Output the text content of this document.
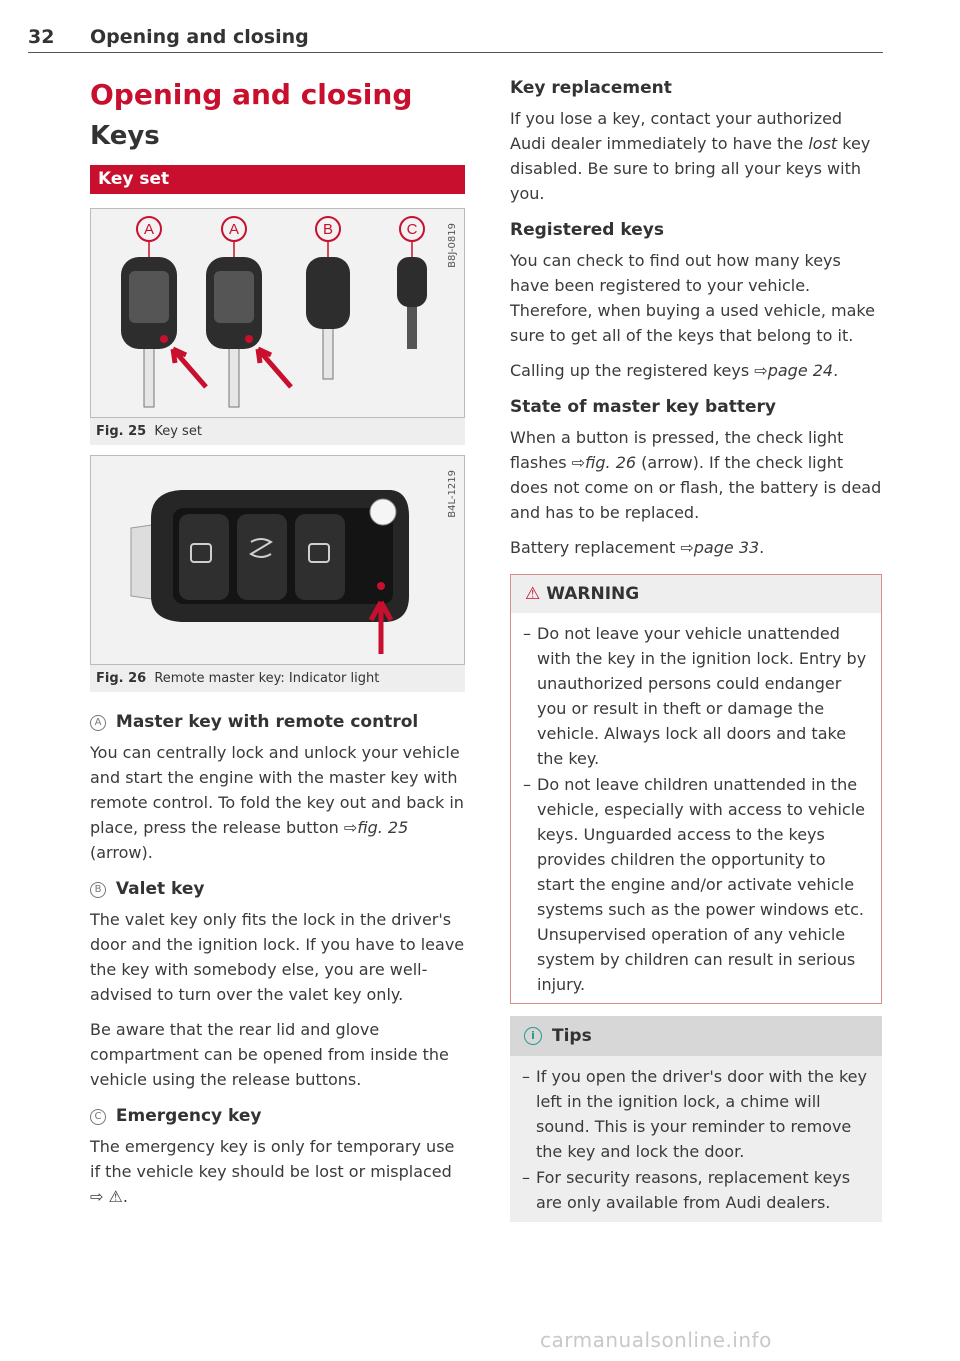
32 Opening and closing
Opening and closing
Keys
Key set
B8J-0819
A	A	B	C
Fig. 25 Key set
B4L-1219
Fig. 26 Remote master key: Indicator light
A Master key with remote control

You can centrally lock and unlock your vehicle and start the engine with the master key with remote control. To fold the key out and back in place, press the release button ⇨fig. 25 (arrow).

B Valet key

The valet key only fits the lock in the driver's door and the ignition lock. If you have to leave the key with somebody else, you are well-advised to turn over the valet key only.

Be aware that the rear lid and glove compartment can be opened from inside the vehicle using the release buttons.

C Emergency key

The emergency key is only for temporary use if the vehicle key should be lost or misplaced ⇨ ⚠.

Key replacement

If you lose a key, contact your authorized Audi dealer immediately to have the lost key disabled. Be sure to bring all your keys with you.

Registered keys

You can check to find out how many keys have been registered to your vehicle. Therefore, when buying a used vehicle, make sure to get all of the keys that belong to it.

Calling up the registered keys ⇨page 24.

State of master key battery

When a button is pressed, the check light flashes ⇨fig. 26 (arrow). If the check light does not come on or flash, the battery is dead and has to be replaced.

Battery replacement ⇨page 33.

⚠ WARNING
– Do not leave your vehicle unattended with the key in the ignition lock. Entry by unauthorized persons could endanger you or result in theft or damage the vehicle. Always lock all doors and take the key.
– Do not leave children unattended in the vehicle, especially with access to vehicle keys. Unguarded access to the keys provides children the opportunity to start the engine and/or activate vehicle systems such as the power windows etc. Unsupervised operation of any vehicle system by children can result in serious injury.
i Tips
– If you open the driver's door with the key left in the ignition lock, a chime will sound. This is your reminder to remove the key and lock the door.
– For security reasons, replacement keys are only available from Audi dealers.
carmanualsonline.info
